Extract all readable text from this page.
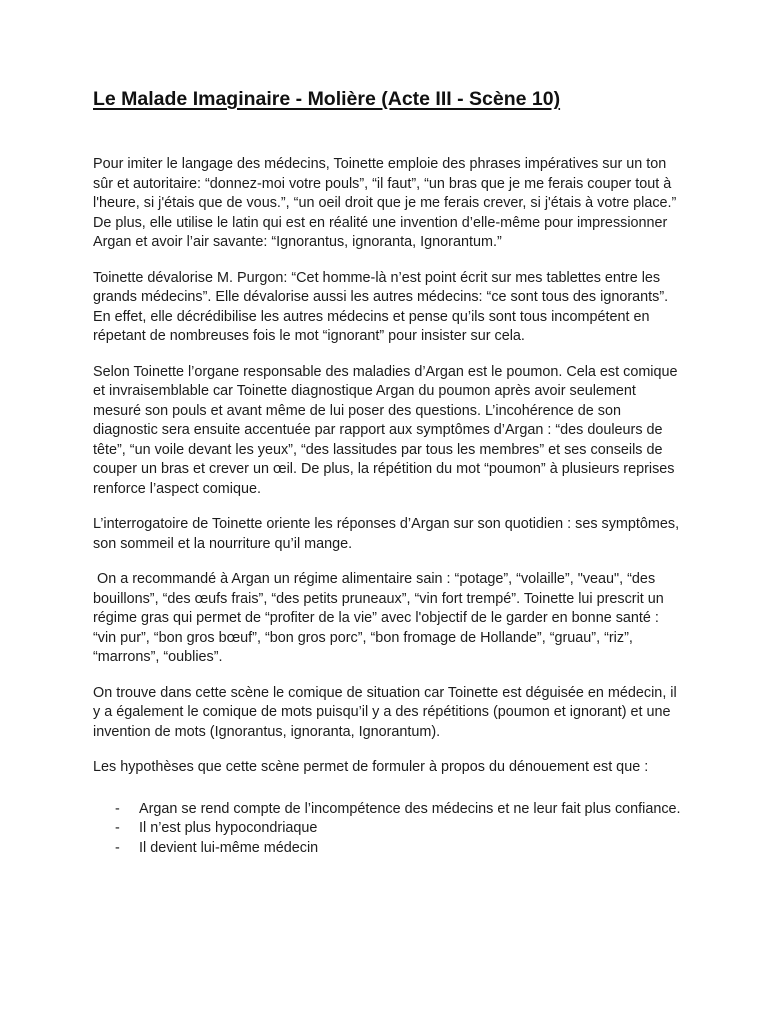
Le Malade Imaginaire - Molière (Acte III - Scène 10)

Pour imiter le langage des médecins, Toinette emploie des phrases impératives sur un ton sûr et autoritaire: “donnez-moi votre pouls”, “il faut”, “un bras que je me ferais couper tout à l'heure, si j'étais que de vous.”, “un oeil droit que je me ferais crever, si j'étais à votre place.” De plus, elle utilise le latin qui est en réalité une invention d’elle-même pour impressionner Argan et avoir l’air savante: “Ignorantus, ignoranta, Ignorantum.”

Toinette dévalorise M. Purgon: “Cet homme-là n’est point écrit sur mes tablettes entre les grands médecins”. Elle dévalorise aussi les autres médecins: “ce sont tous des ignorants”. En effet, elle décrédibilise les autres médecins et pense qu’ils sont tous incompétent en répetant de nombreuses fois le mot “ignorant” pour insister sur cela.

Selon Toinette l’organe responsable des maladies d’Argan est le poumon. Cela est comique et invraisemblable car Toinette diagnostique Argan du poumon après avoir seulement mesuré son pouls et avant même de lui poser des questions. L’incohérence de son diagnostic sera ensuite accentuée par rapport aux symptômes d’Argan : “des douleurs de tête”, “un voile devant les yeux”, “des lassitudes par tous les membres” et ses conseils de couper un bras et crever un œil. De plus, la répétition du mot “poumon” à plusieurs reprises renforce l’aspect comique.

L’interrogatoire de Toinette oriente les réponses d’Argan sur son quotidien : ses symptômes, son sommeil et la nourriture qu’il mange.

On a recommandé à Argan un régime alimentaire sain : “potage”, “volaille”, "veau", “des bouillons”, “des œufs frais”, “des petits pruneaux”, “vin fort trempé”. Toinette lui prescrit un régime gras qui permet de “profiter de la vie” avec l'objectif de le garder en bonne santé : “vin pur”, “bon gros bœuf”, “bon gros porc”, “bon fromage de Hollande”, “gruau”, “riz”, “marrons”, “oublies”.

On trouve dans cette scène le comique de situation car Toinette est déguisée en médecin, il y a également le comique de mots puisqu’il y a des répétitions (poumon et ignorant) et une invention de mots (Ignorantus, ignoranta, Ignorantum).

Les hypothèses que cette scène permet de formuler à propos du dénouement est que :

- Argan se rend compte de l’incompétence des médecins et ne leur fait plus confiance.
- Il n’est plus hypocondriaque
- Il devient lui-même médecin
